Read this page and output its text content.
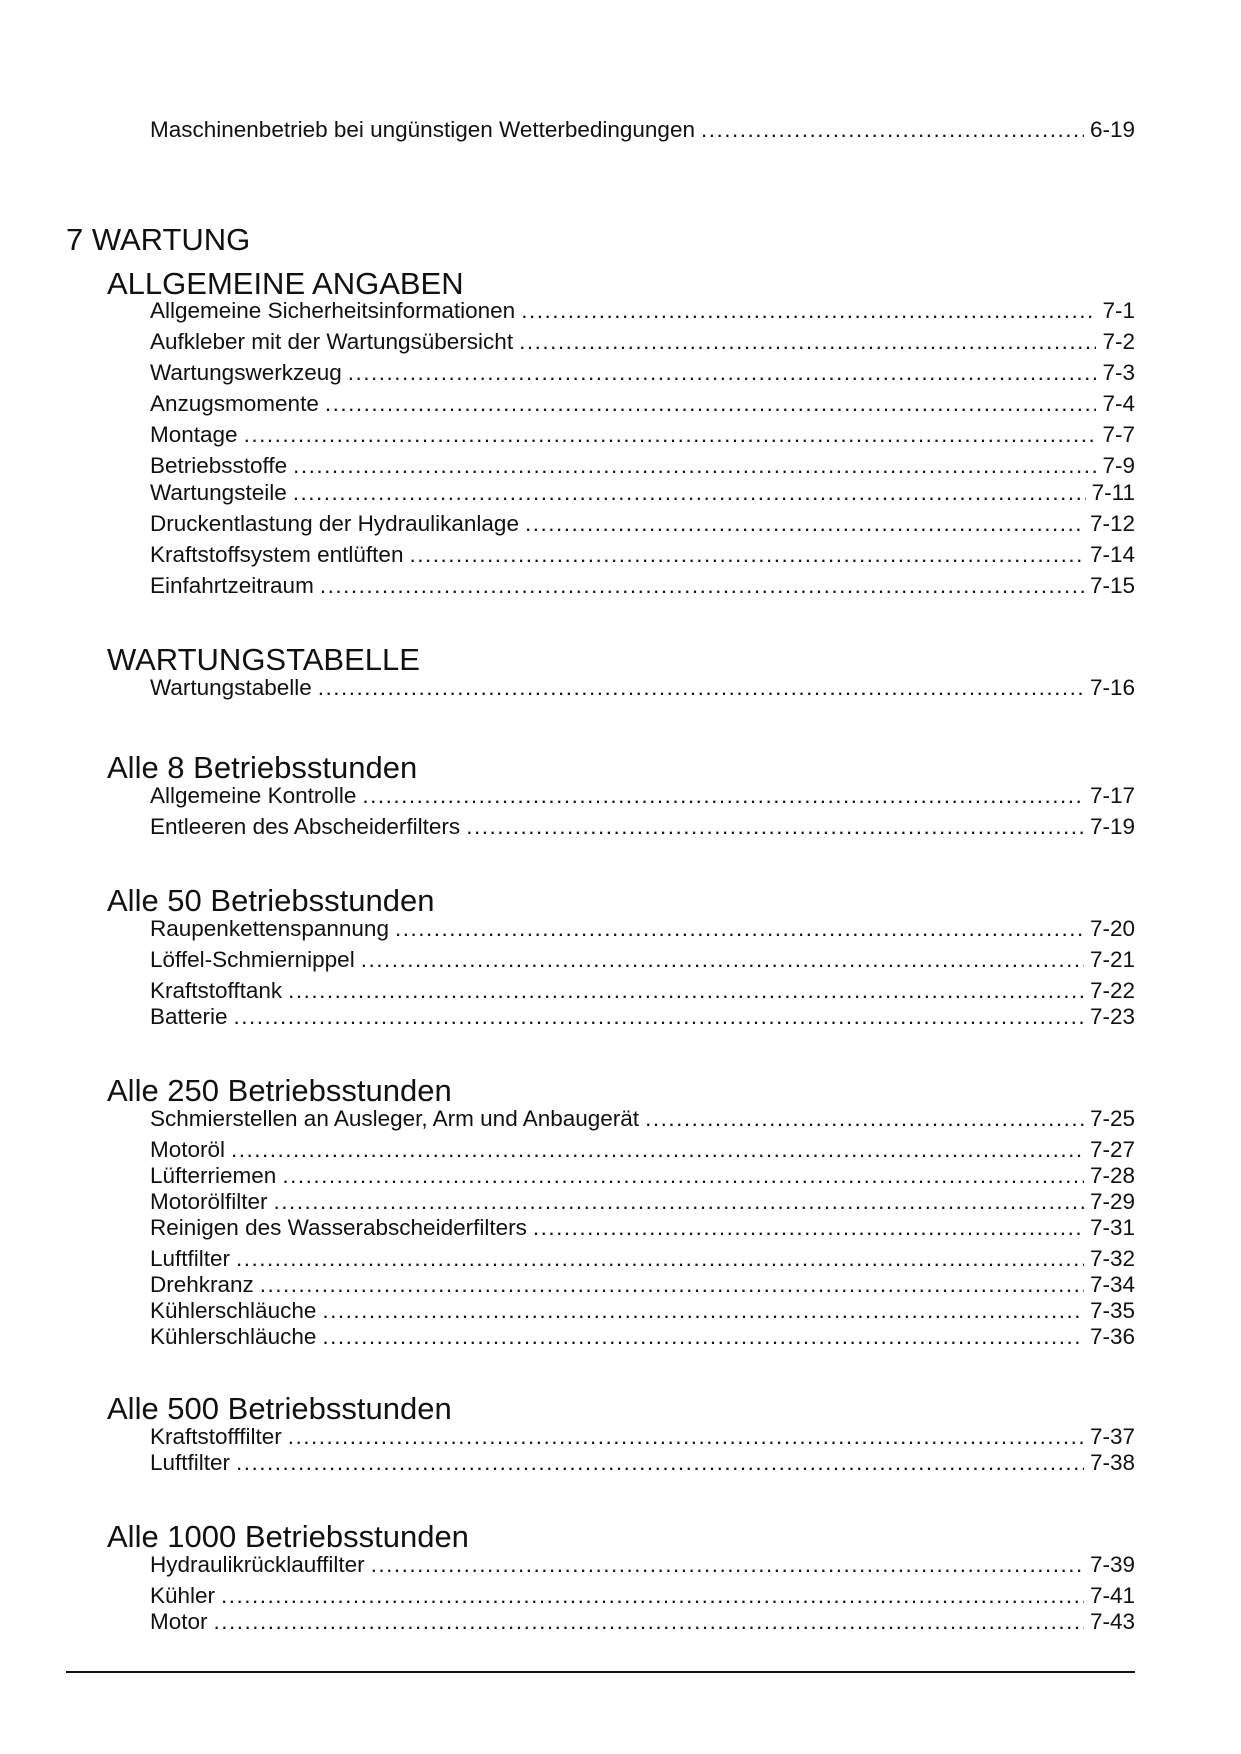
Maschinenbetrieb bei ungünstigen Wetterbedingungen .....	6-19
7 WARTUNG
ALLGEMEINE ANGABEN
Allgemeine Sicherheitsinformationen .....	7-1
Aufkleber mit der Wartungsübersicht .....	7-2
Wartungswerkzeug .....	7-3
Anzugsmomente .....	7-4
Montage .....	7-7
Betriebsstoffe .....	7-9
Wartungsteile .....	7-11
Druckentlastung der Hydraulikanlage .....	7-12
Kraftstoffsystem entlüften .....	7-14
Einfahrtzeitraum .....	7-15
WARTUNGSTABELLE
Wartungstabelle .....	7-16
Alle 8 Betriebsstunden
Allgemeine Kontrolle .....	7-17
Entleeren des Abscheiderfilters .....	7-19
Alle 50 Betriebsstunden
Raupenkettenspannung .....	7-20
Löffel-Schmiernippel .....	7-21
Kraftstofftank .....	7-22
Batterie .....	7-23
Alle 250 Betriebsstunden
Schmierstellen an Ausleger, Arm und Anbaugerät .....	7-25
Motoröl .....	7-27
Lüfterriemen .....	7-28
Motorölfilter .....	7-29
Reinigen des Wasserabscheiderfilters .....	7-31
Luftfilter .....	7-32
Drehkranz .....	7-34
Kühlerschläuche .....	7-35
Kühlerschläuche .....	7-36
Alle 500 Betriebsstunden
Kraftstofffilter .....	7-37
Luftfilter .....	7-38
Alle 1000 Betriebsstunden
Hydraulikrücklauffilter .....	7-39
Kühler .....	7-41
Motor .....	7-43
